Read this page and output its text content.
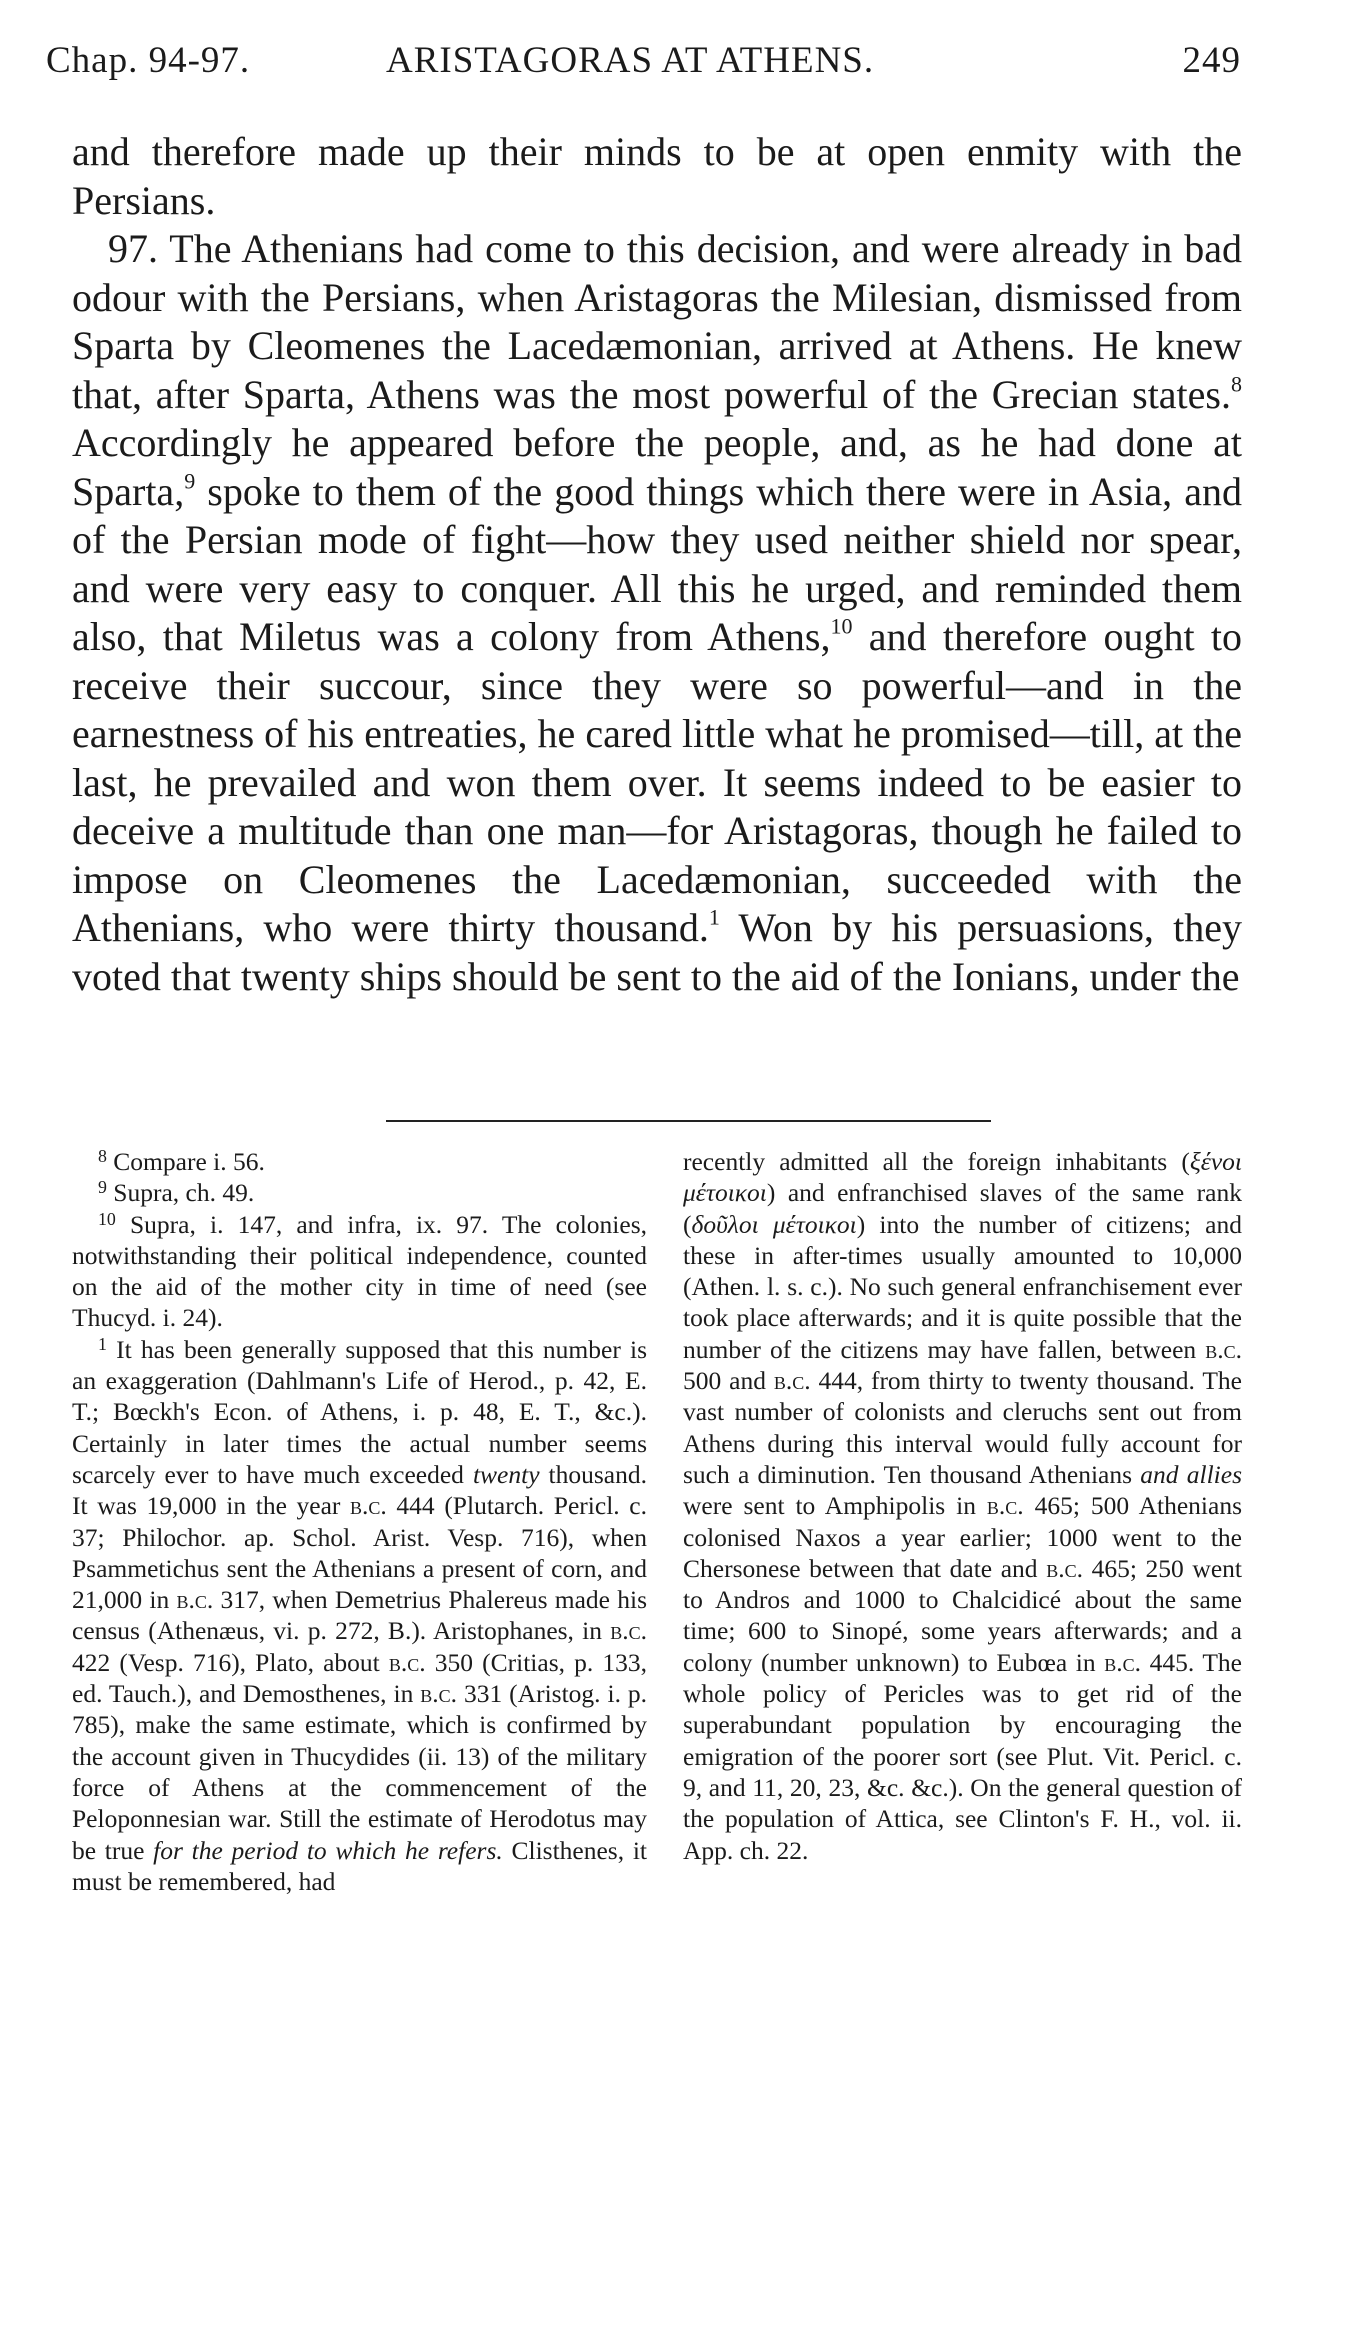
Chap. 94-97.	ARISTAGORAS AT ATHENS.	249

and therefore made up their minds to be at open enmity with the Persians.

97. The Athenians had come to this decision, and were already in bad odour with the Persians, when Aristagoras the Milesian, dismissed from Sparta by Cleomenes the Lacedæmonian, arrived at Athens. He knew that, after Sparta, Athens was the most powerful of the Grecian states.$^8$ Accordingly he appeared before the people, and, as he had done at Sparta,$^9$ spoke to them of the good things which there were in Asia, and of the Persian mode of fight—how they used neither shield nor spear, and were very easy to conquer. All this he urged, and reminded them also, that Miletus was a colony from Athens,$^{10}$ and therefore ought to receive their succour, since they were so powerful—and in the earnestness of his entreaties, he cared little what he promised—till, at the last, he prevailed and won them over. It seems indeed to be easier to deceive a multitude than one man—for Aristagoras, though he failed to impose on Cleomenes the Lacedæmonian, succeeded with the Athenians, who were thirty thousand.$^1$ Won by his persuasions, they voted that twenty ships should be sent to the aid of the Ionians, under the

$^8$ Compare i. 56.

$^9$ Supra, ch. 49.

$^{10}$ Supra, i. 147, and infra, ix. 97. The colonies, notwithstanding their political independence, counted on the aid of the mother city in time of need (see Thucyd. i. 24).

$^1$ It has been generally supposed that this number is an exaggeration (Dahlmann's Life of Herod., p. 42, E. T.; Bœckh's Econ. of Athens, i. p. 48, E. T., &c.). Certainly in later times the actual number seems scarcely ever to have much exceeded twenty thousand. It was 19,000 in the year b.c. 444 (Plutarch. Pericl. c. 37; Philochor. ap. Schol. Arist. Vesp. 716), when Psammetichus sent the Athenians a present of corn, and 21,000 in b.c. 317, when Demetrius Phalereus made his census (Athenæus, vi. p. 272, B.). Aristophanes, in b.c. 422 (Vesp. 716), Plato, about b.c. 350 (Critias, p. 133, ed. Tauch.), and Demosthenes, in b.c. 331 (Aristog. i. p. 785), make the same estimate, which is confirmed by the account given in Thucydides (ii. 13) of the military force of Athens at the commencement of the Peloponnesian war. Still the estimate of Herodotus may be true for the period to which he refers. Clisthenes, it must be remembered, had

recently admitted all the foreign inhabitants (ξένοι μέτοικοι) and enfranchised slaves of the same rank (δοῦλοι μέτοικοι) into the number of citizens; and these in after-times usually amounted to 10,000 (Athen. l. s. c.). No such general enfranchisement ever took place afterwards; and it is quite possible that the number of the citizens may have fallen, between b.c. 500 and b.c. 444, from thirty to twenty thousand. The vast number of colonists and cleruchs sent out from Athens during this interval would fully account for such a diminution. Ten thousand Athenians and allies were sent to Amphipolis in b.c. 465; 500 Athenians colonised Naxos a year earlier; 1000 went to the Chersonese between that date and b.c. 465; 250 went to Andros and 1000 to Chalcidicé about the same time; 600 to Sinopé, some years afterwards; and a colony (number unknown) to Eubœa in b.c. 445. The whole policy of Pericles was to get rid of the superabundant population by encouraging the emigration of the poorer sort (see Plut. Vit. Pericl. c. 9, and 11, 20, 23, &c. &c.). On the general question of the population of Attica, see Clinton's F. H., vol. ii. App. ch. 22.
